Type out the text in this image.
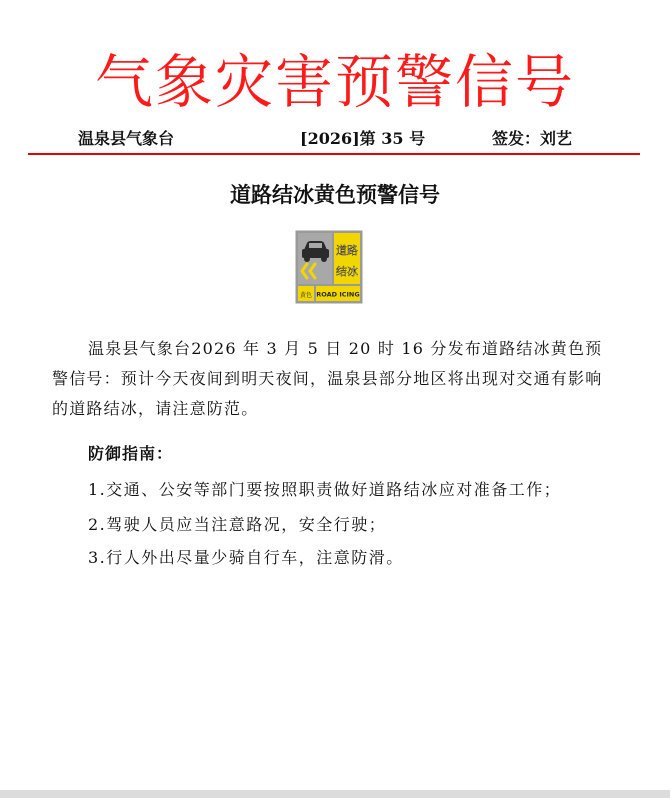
气象灾害预警信号
温泉县气象台	[2026]第 35 号	签发：刘艺
道路结冰黄色预警信号
道路
结冰
黄色 ROAD ICING
温泉县气象台2026 年 3 月 5 日 20 时 16 分发布道路结冰黄色预警信号：预计今天夜间到明天夜间，温泉县部分地区将出现对交通有影响的道路结冰，请注意防范。
防御指南：
1.交通、公安等部门要按照职责做好道路结冰应对准备工作；
2.驾驶人员应当注意路况，安全行驶；
3.行人外出尽量少骑自行车，注意防滑。
